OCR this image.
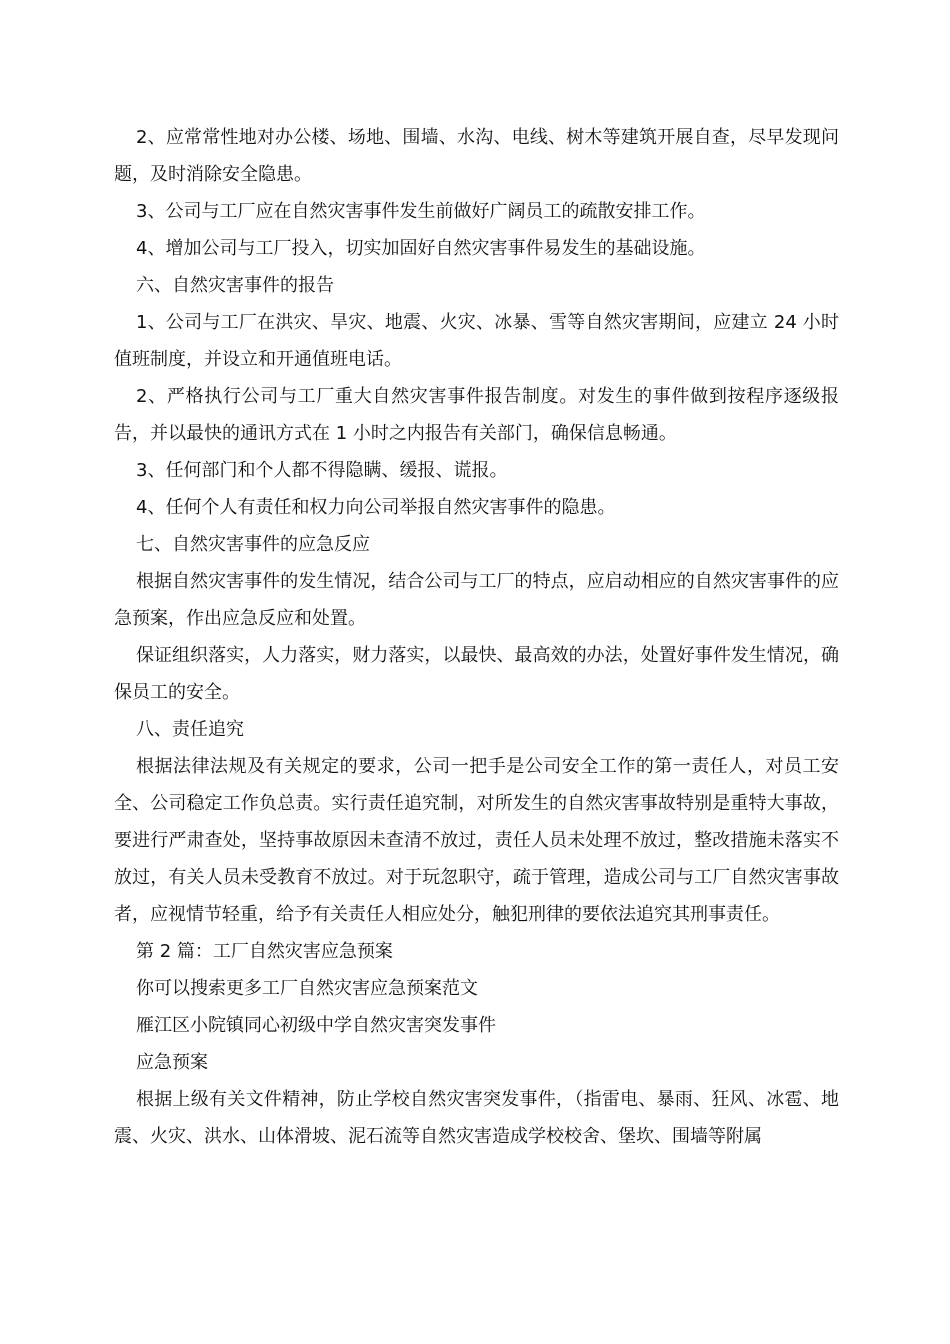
2、应常常性地对办公楼、场地、围墙、水沟、电线、树木等建筑开展自查，尽早发现问题，及时消除安全隐患。

3、公司与工厂应在自然灾害事件发生前做好广阔员工的疏散安排工作。

4、增加公司与工厂投入，切实加固好自然灾害事件易发生的基础设施。

六、自然灾害事件的报告

1、公司与工厂在洪灾、旱灾、地震、火灾、冰暴、雪等自然灾害期间，应建立 24 小时值班制度，并设立和开通值班电话。

2、严格执行公司与工厂重大自然灾害事件报告制度。对发生的事件做到按程序逐级报告，并以最快的通讯方式在 1 小时之内报告有关部门，确保信息畅通。

3、任何部门和个人都不得隐瞒、缓报、谎报。

4、任何个人有责任和权力向公司举报自然灾害事件的隐患。

七、自然灾害事件的应急反应

根据自然灾害事件的发生情况，结合公司与工厂的特点，应启动相应的自然灾害事件的应急预案，作出应急反应和处置。

保证组织落实，人力落实，财力落实，以最快、最高效的办法，处置好事件发生情况，确保员工的安全。

八、责任追究

根据法律法规及有关规定的要求，公司一把手是公司安全工作的第一责任人，对员工安全、公司稳定工作负总责。实行责任追究制，对所发生的自然灾害事故特别是重特大事故，要进行严肃查处，坚持事故原因未查清不放过，责任人员未处理不放过，整改措施未落实不放过，有关人员未受教育不放过。对于玩忽职守，疏于管理，造成公司与工厂自然灾害事故者，应视情节轻重，给予有关责任人相应处分，触犯刑律的要依法追究其刑事责任。

第 2 篇：工厂自然灾害应急预案

你可以搜索更多工厂自然灾害应急预案范文

雁江区小院镇同心初级中学自然灾害突发事件

应急预案

根据上级有关文件精神，防止学校自然灾害突发事件，（指雷电、暴雨、狂风、冰雹、地震、火灾、洪水、山体滑坡、泥石流等自然灾害造成学校校舍、堡坎、围墙等附属
